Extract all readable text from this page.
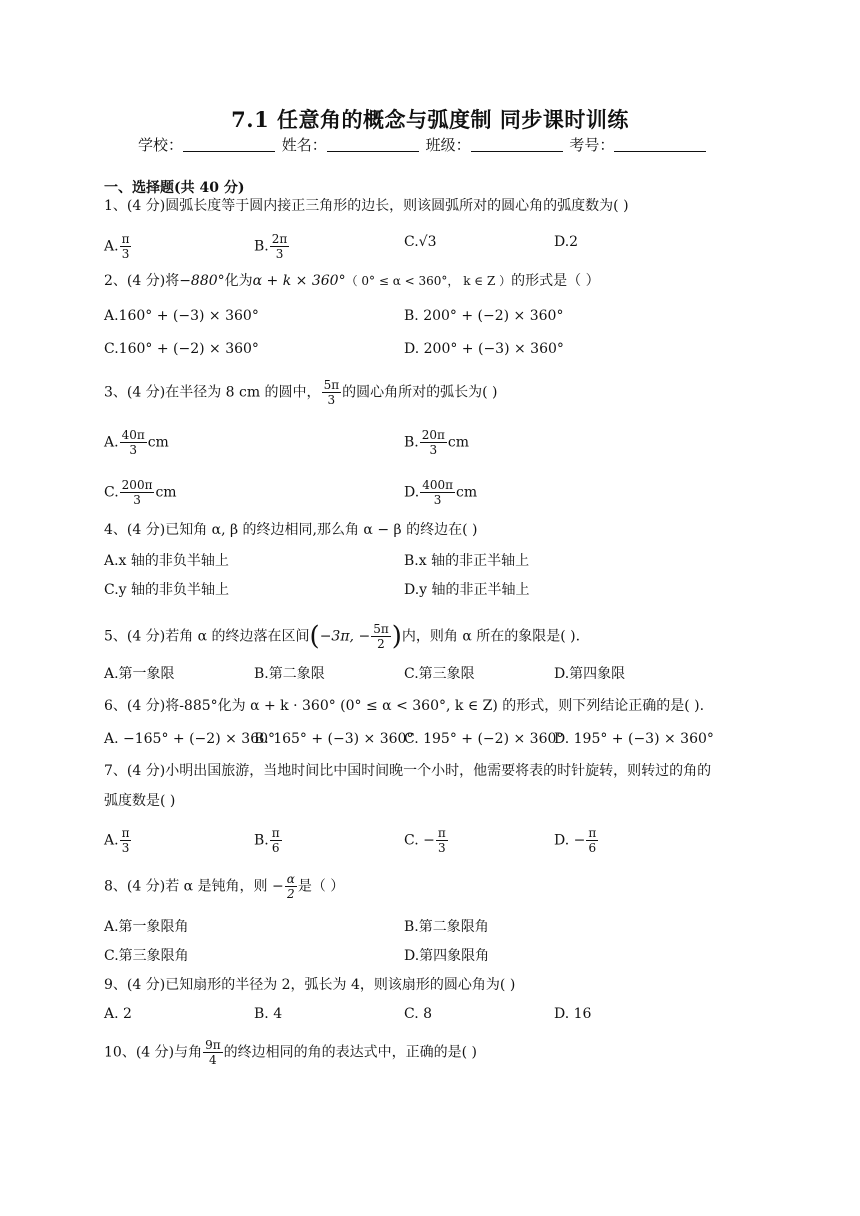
7.1 任意角的概念与弧度制 同步课时训练
学校：	姓名：	班级：	考号：
一、选择题(共 40 分)
1、(4 分)圆弧长度等于圆内接正三角形的边长，则该圆弧所对的圆心角的弧度数为( )
A. $\frac{\pi}{3}$	B. $\frac{2\pi}{3}$	C.√3	D.2
2、(4 分)将−880°化为α + k × 360°（ 0° ≤ α < 360°， k ∈ Z ）的形式是（ ）
A.160° + (−3) × 360°	B. 200° + (−2) × 360°
C.160° + (−2) × 360°	D. 200° + (−3) × 360°
3、(4 分)在半径为 8 cm 的圆中， $\frac{5\pi}{3}$ 的圆心角所对的弧长为( )
A. $\frac{40\pi}{3}$ cm	B. $\frac{20\pi}{3}$ cm
C. $\frac{200\pi}{3}$ cm	D. $\frac{400\pi}{3}$ cm
4、(4 分)已知角 α, β 的终边相同,那么角 α − β 的终边在( )
A.x 轴的非负半轴上	B.x 轴的非正半轴上
C.y 轴的非负半轴上	D.y 轴的非正半轴上
5、(4 分)若角 α 的终边落在区间(−3π, − $\frac{5\pi}{2}$ )内，则角 α 所在的象限是( ).
A.第一象限	B.第二象限	C.第三象限	D.第四象限
6、(4 分)将-885°化为 α + k · 360° (0° ≤ α < 360°, k ∈ Z) 的形式，则下列结论正确的是( ).
A. −165° + (−2) × 360°
B. 165° + (−3) × 360°
C. 195° + (−2) × 360°
D. 195° + (−3) × 360°
7、(4 分)小明出国旅游，当地时间比中国时间晚一个小时，他需要将表的时针旋转，则转过的角的
弧度数是( )
A. $\frac{\pi}{3}$	B. $\frac{\pi}{6}$	C. − $\frac{\pi}{3}$	D. − $\frac{\pi}{6}$
8、(4 分)若 α 是钝角，则 − $\frac{\alpha}{2}$ 是（ ）
A.第一象限角	B.第二象限角
C.第三象限角	D.第四象限角
9、(4 分)已知扇形的半径为 2，弧长为 4，则该扇形的圆心角为( )
A. 2	B. 4	C. 8	D. 16
10、(4 分)与角 $\frac{9\pi}{4}$ 的终边相同的角的表达式中，正确的是( )
